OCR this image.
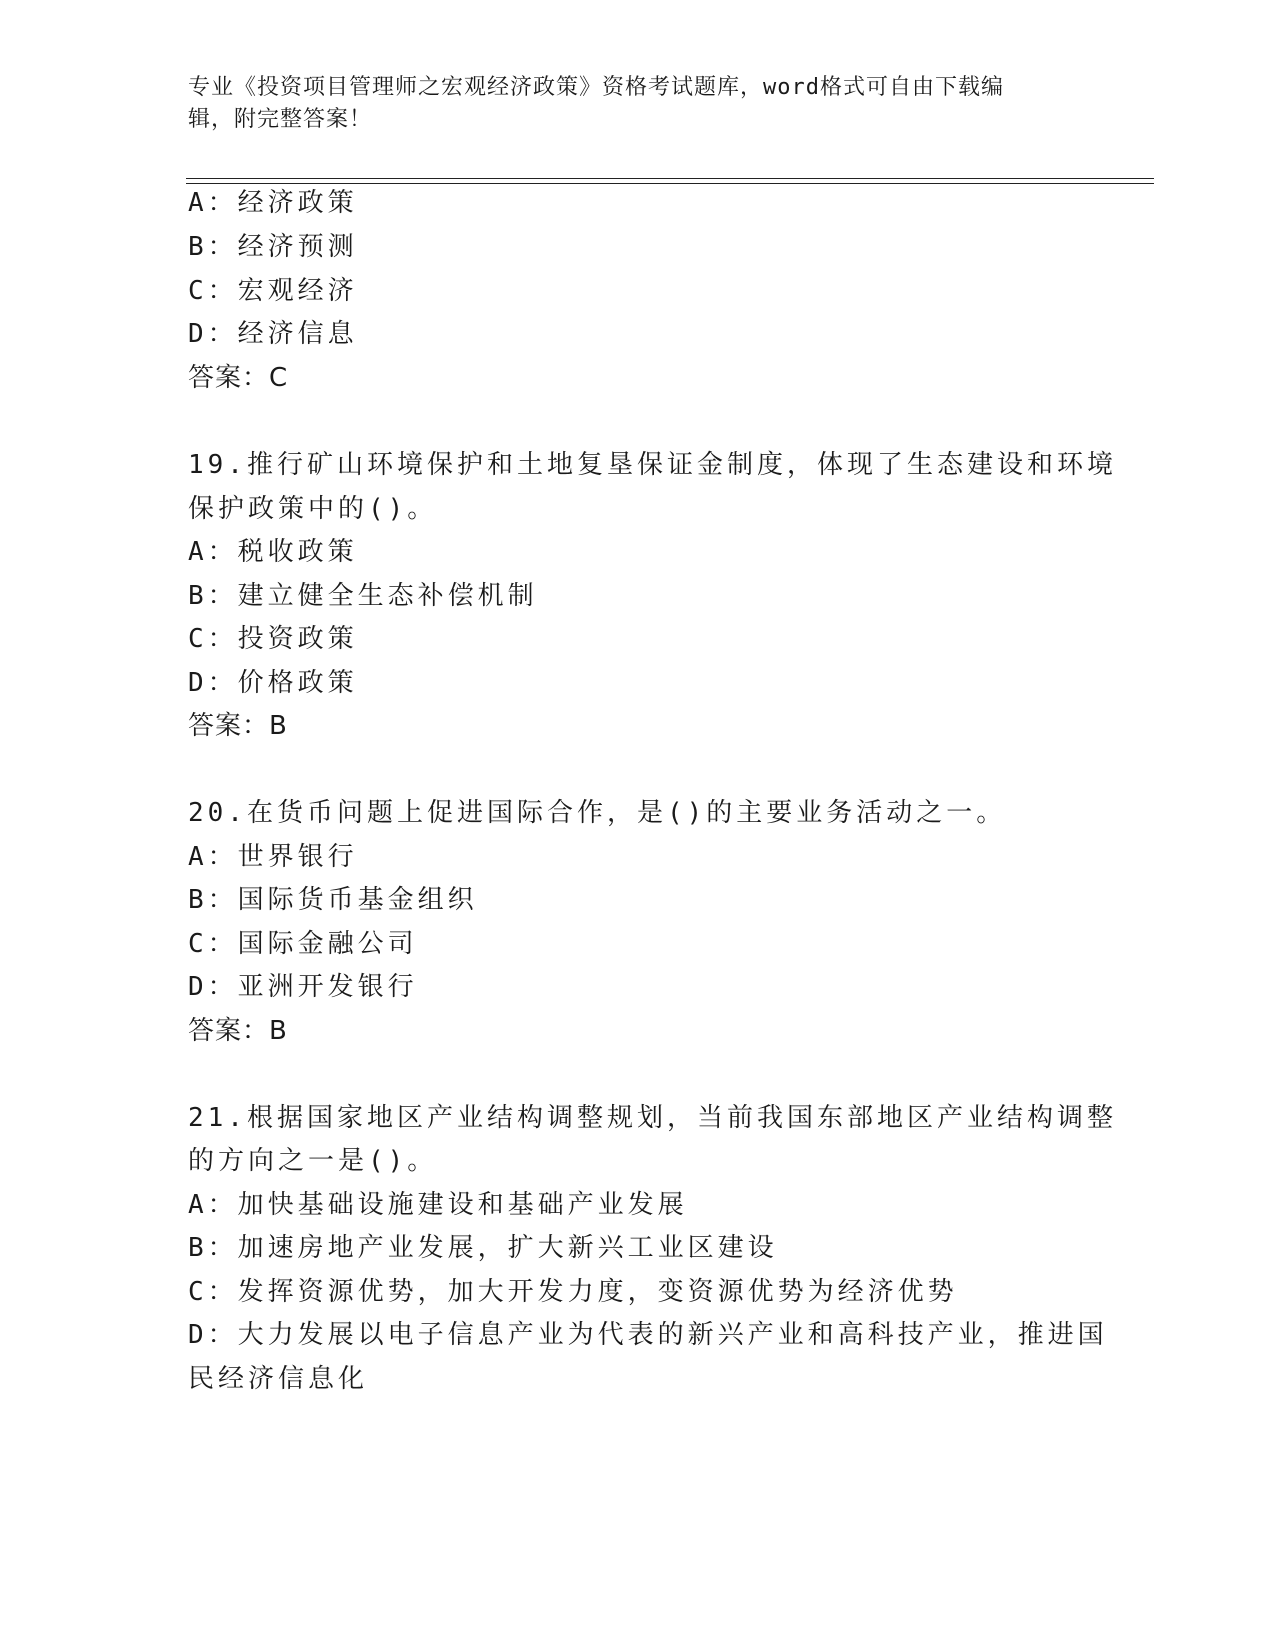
专业《投资项目管理师之宏观经济政策》资格考试题库，word格式可自由下载编
辑，附完整答案！
A：经济政策
B：经济预测
C：宏观经济
D：经济信息
答案：C
19.推行矿山环境保护和土地复垦保证金制度，体现了生态建设和环境
保护政策中的()。
A：税收政策
B：建立健全生态补偿机制
C：投资政策
D：价格政策
答案：B
20.在货币问题上促进国际合作，是()的主要业务活动之一。
A：世界银行
B：国际货币基金组织
C：国际金融公司
D：亚洲开发银行
答案：B
21.根据国家地区产业结构调整规划，当前我国东部地区产业结构调整
的方向之一是()。
A：加快基础设施建设和基础产业发展
B：加速房地产业发展，扩大新兴工业区建设
C：发挥资源优势，加大开发力度，变资源优势为经济优势
D：大力发展以电子信息产业为代表的新兴产业和高科技产业，推进国
民经济信息化
